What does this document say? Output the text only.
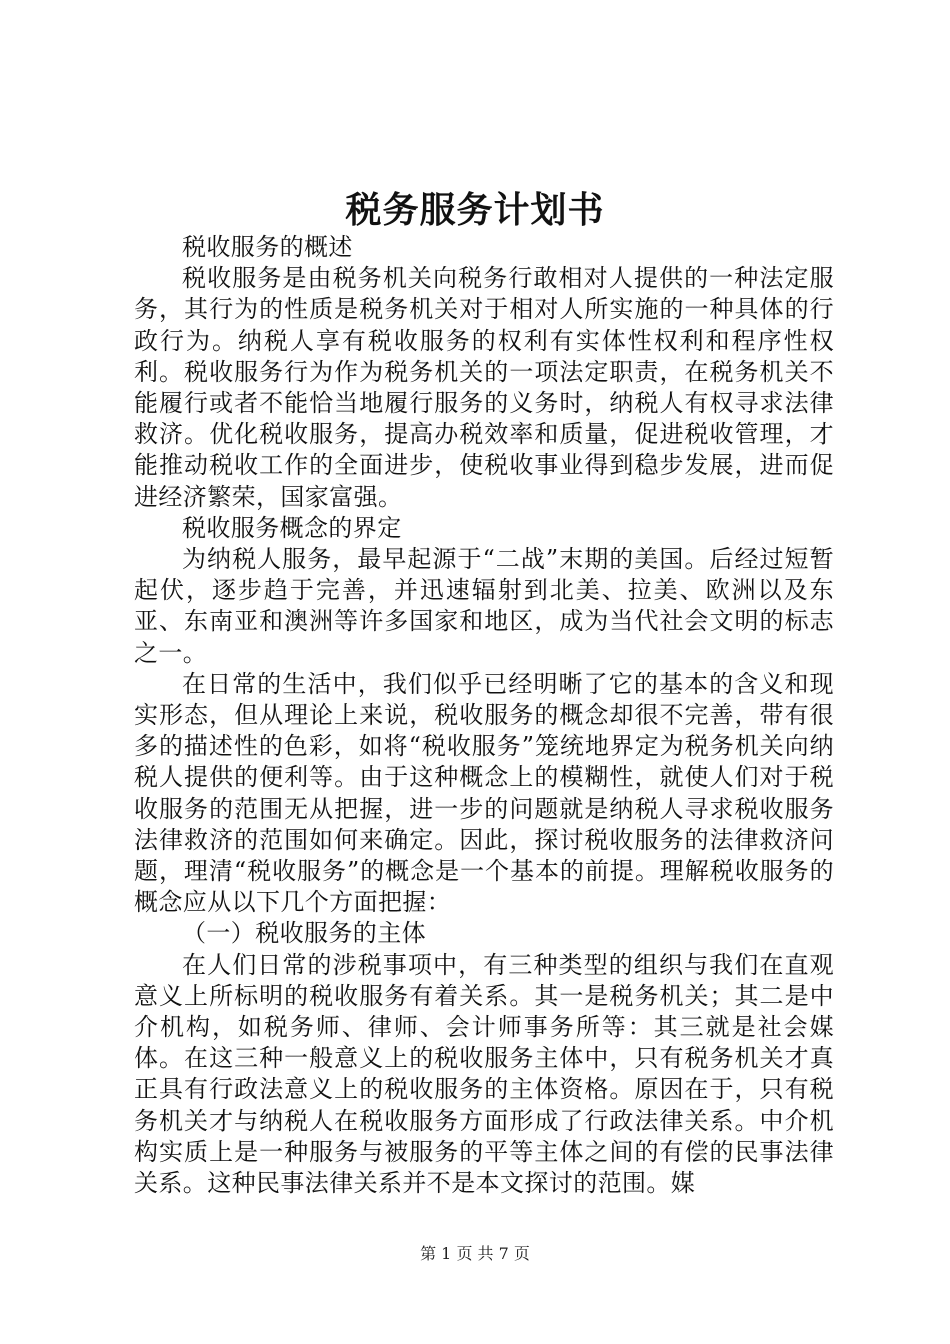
税务服务计划书

税收服务的概述

税收服务是由税务机关向税务行敢相对人提供的一种法定服务，其行为的性质是税务机关对于相对人所实施的一种具体的行政行为。纳税人享有税收服务的权利有实体性权利和程序性权利。税收服务行为作为税务机关的一项法定职责，在税务机关不能履行或者不能恰当地履行服务的义务时，纳税人有权寻求法律救济。优化税收服务，提高办税效率和质量，促进税收管理，才能推动税收工作的全面进步，使税收事业得到稳步发展，进而促进经济繁荣，国家富强。

税收服务概念的界定

为纳税人服务，最早起源于“二战”末期的美国。后经过短暂起伏，逐步趋于完善，并迅速辐射到北美、拉美、欧洲以及东亚、东南亚和澳洲等许多国家和地区，成为当代社会文明的标志之一。

在日常的生活中，我们似乎已经明晰了它的基本的含义和现实形态，但从理论上来说，税收服务的概念却很不完善，带有很多的描述性的色彩，如将“税收服务”笼统地界定为税务机关向纳税人提供的便利等。由于这种概念上的模糊性，就使人们对于税收服务的范围无从把握，进一步的问题就是纳税人寻求税收服务法律救济的范围如何来确定。因此，探讨税收服务的法律救济问题，理清“税收服务”的概念是一个基本的前提。理解税收服务的概念应从以下几个方面把握：

（一）税收服务的主体

在人们日常的涉税事项中，有三种类型的组织与我们在直观意义上所标明的税收服务有着关系。其一是税务机关；其二是中介机构，如税务师、律师、会计师事务所等：其三就是社会媒体。在这三种一般意义上的税收服务主体中，只有税务机关才真正具有行政法意义上的税收服务的主体资格。原因在于，只有税务机关才与纳税人在税收服务方面形成了行政法律关系。中介机构实质上是一种服务与被服务的平等主体之间的有偿的民事法律关系。这种民事法律关系并不是本文探讨的范围。媒

第 1 页 共 7 页
